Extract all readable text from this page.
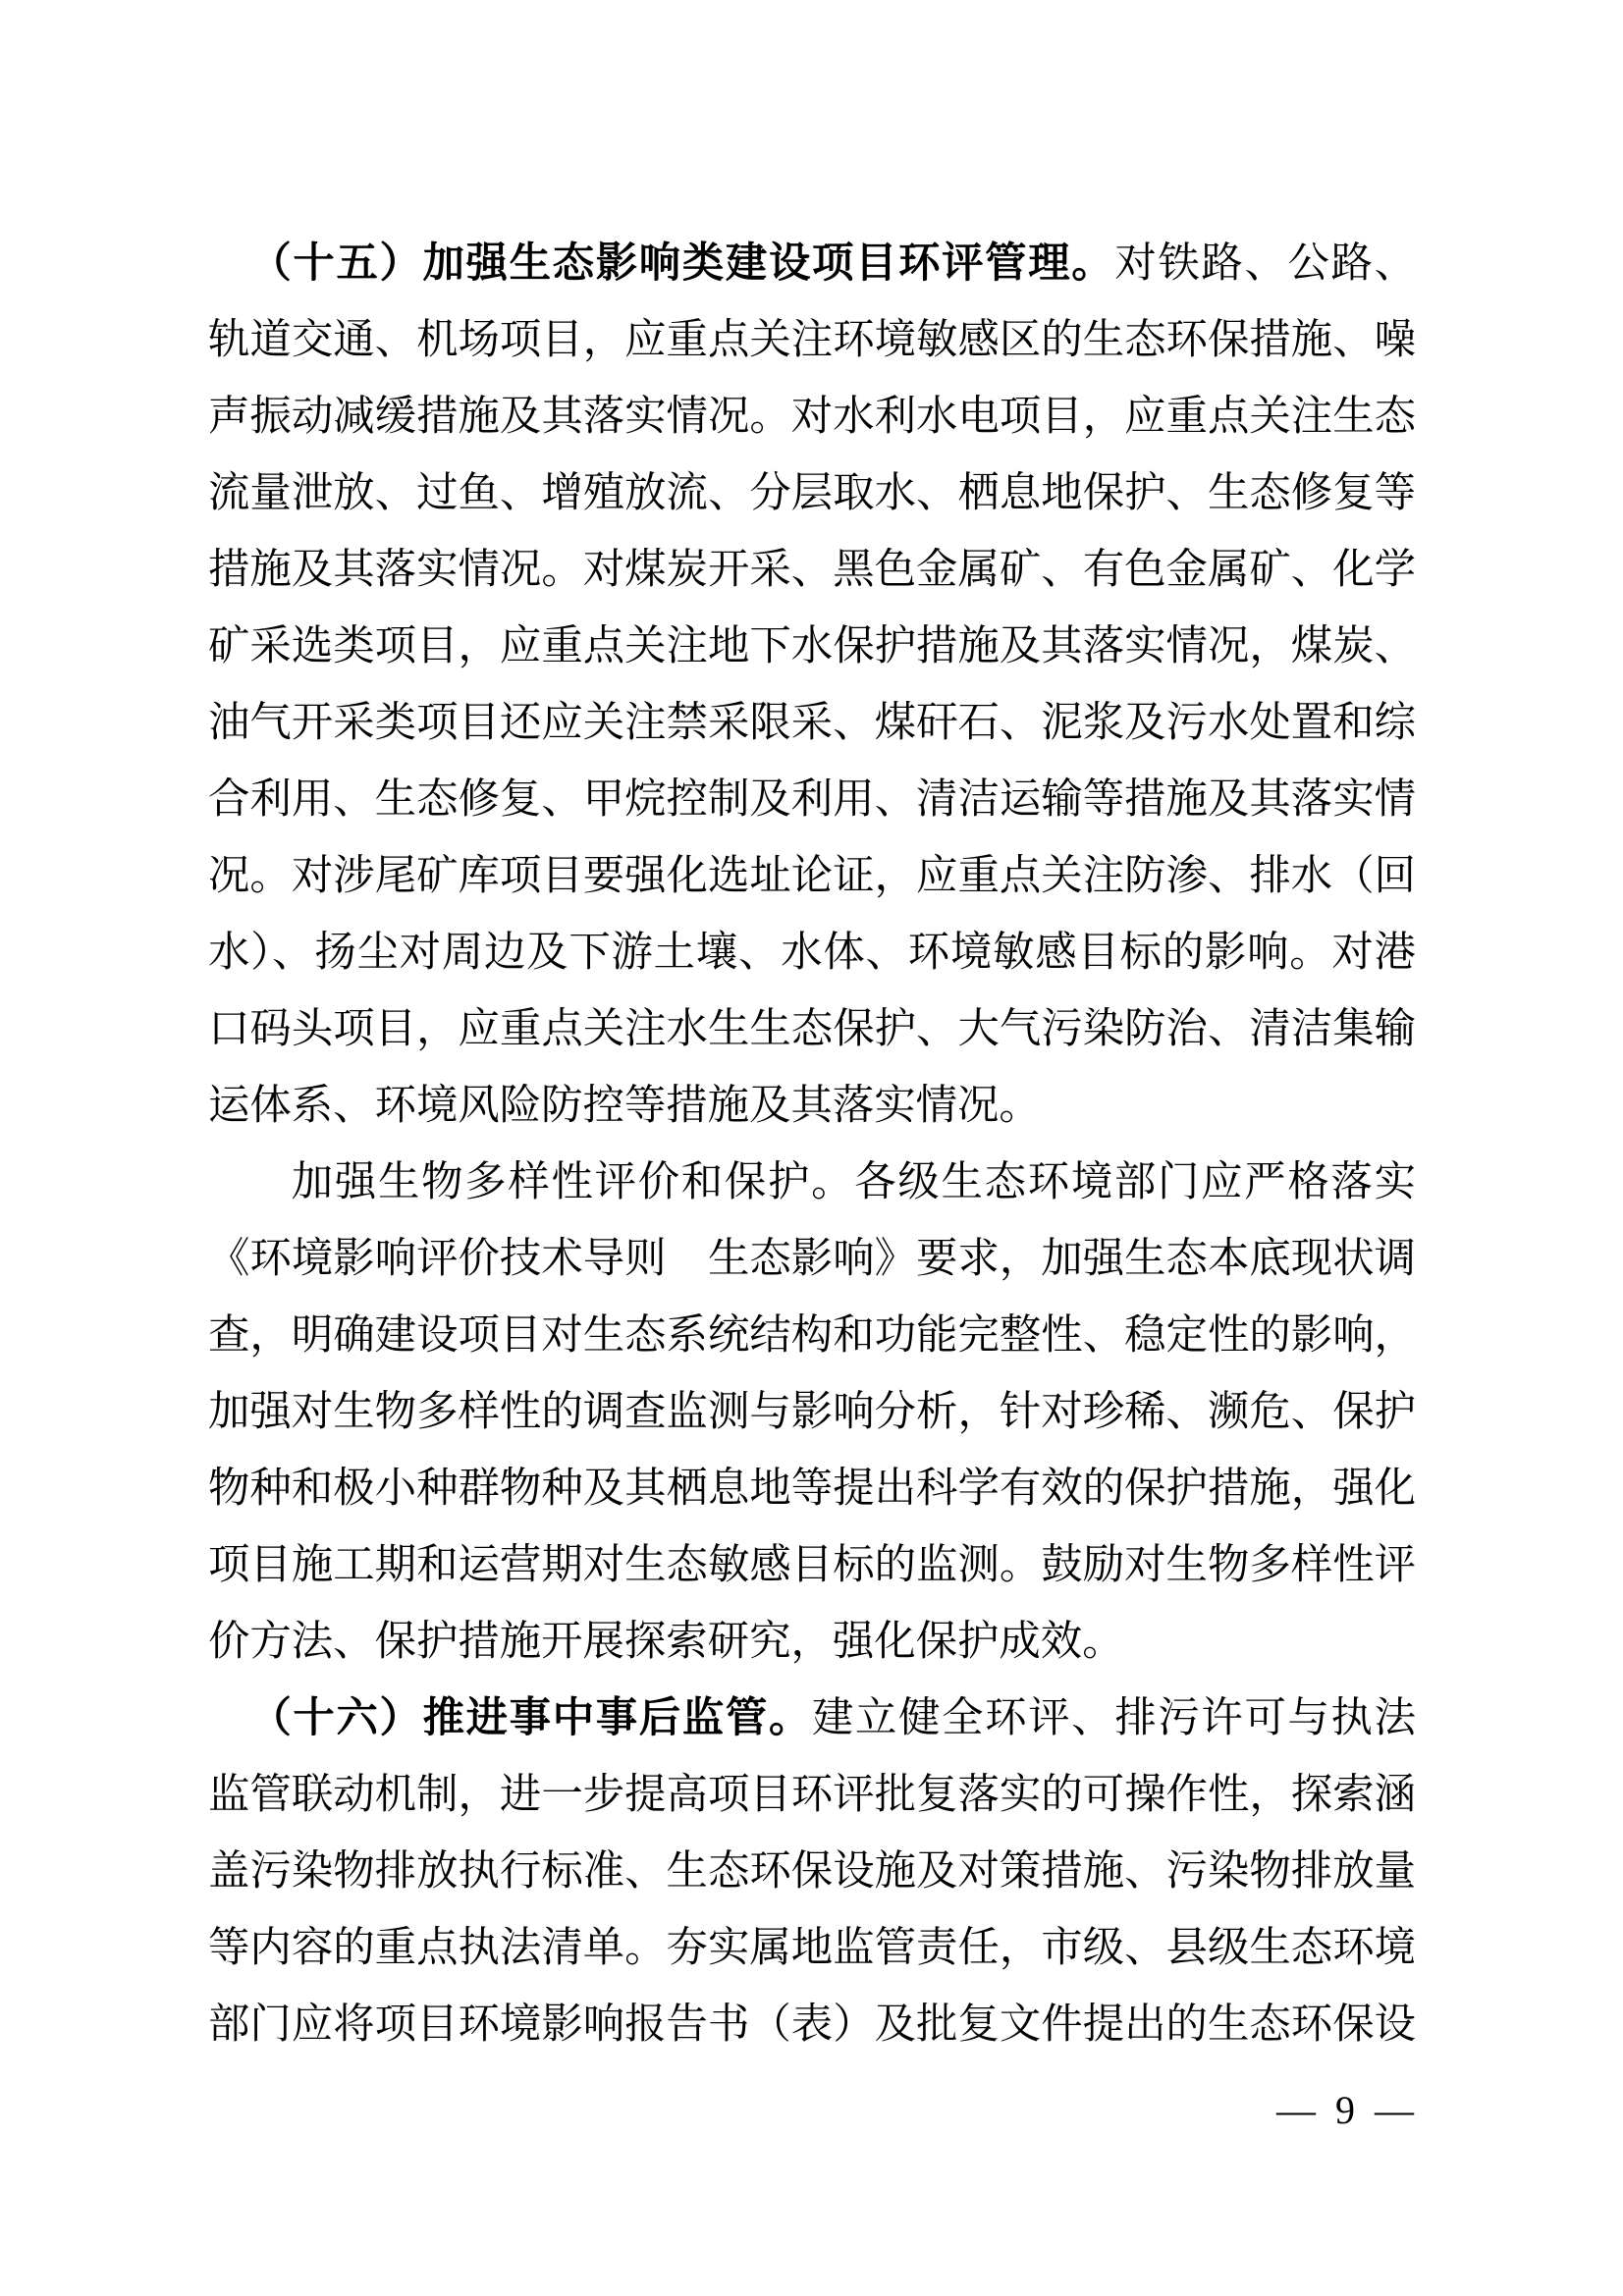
（十五）加强生态影响类建设项目环评管理。对铁路、公路、
轨道交通、机场项目，应重点关注环境敏感区的生态环保措施、噪
声振动减缓措施及其落实情况。对水利水电项目，应重点关注生态
流量泄放、过鱼、增殖放流、分层取水、栖息地保护、生态修复等
措施及其落实情况。对煤炭开采、黑色金属矿、有色金属矿、化学
矿采选类项目，应重点关注地下水保护措施及其落实情况，煤炭、
油气开采类项目还应关注禁采限采、煤矸石、泥浆及污水处置和综
合利用、生态修复、甲烷控制及利用、清洁运输等措施及其落实情
况。对涉尾矿库项目要强化选址论证，应重点关注防渗、排水（回
水）、扬尘对周边及下游土壤、水体、环境敏感目标的影响。对港
口码头项目，应重点关注水生生态保护、大气污染防治、清洁集输
运体系、环境风险防控等措施及其落实情况。
加强生物多样性评价和保护。各级生态环境部门应严格落实
《环境影响评价技术导则　生态影响》要求，加强生态本底现状调
查，明确建设项目对生态系统结构和功能完整性、稳定性的影响，
加强对生物多样性的调查监测与影响分析，针对珍稀、濒危、保护
物种和极小种群物种及其栖息地等提出科学有效的保护措施，强化
项目施工期和运营期对生态敏感目标的监测。鼓励对生物多样性评
价方法、保护措施开展探索研究，强化保护成效。
（十六）推进事中事后监管。建立健全环评、排污许可与执法
监管联动机制，进一步提高项目环评批复落实的可操作性，探索涵
盖污染物排放执行标准、生态环保设施及对策措施、污染物排放量
等内容的重点执法清单。夯实属地监管责任，市级、县级生态环境
部门应将项目环境影响报告书（表）及批复文件提出的生态环保设
— 9 —
